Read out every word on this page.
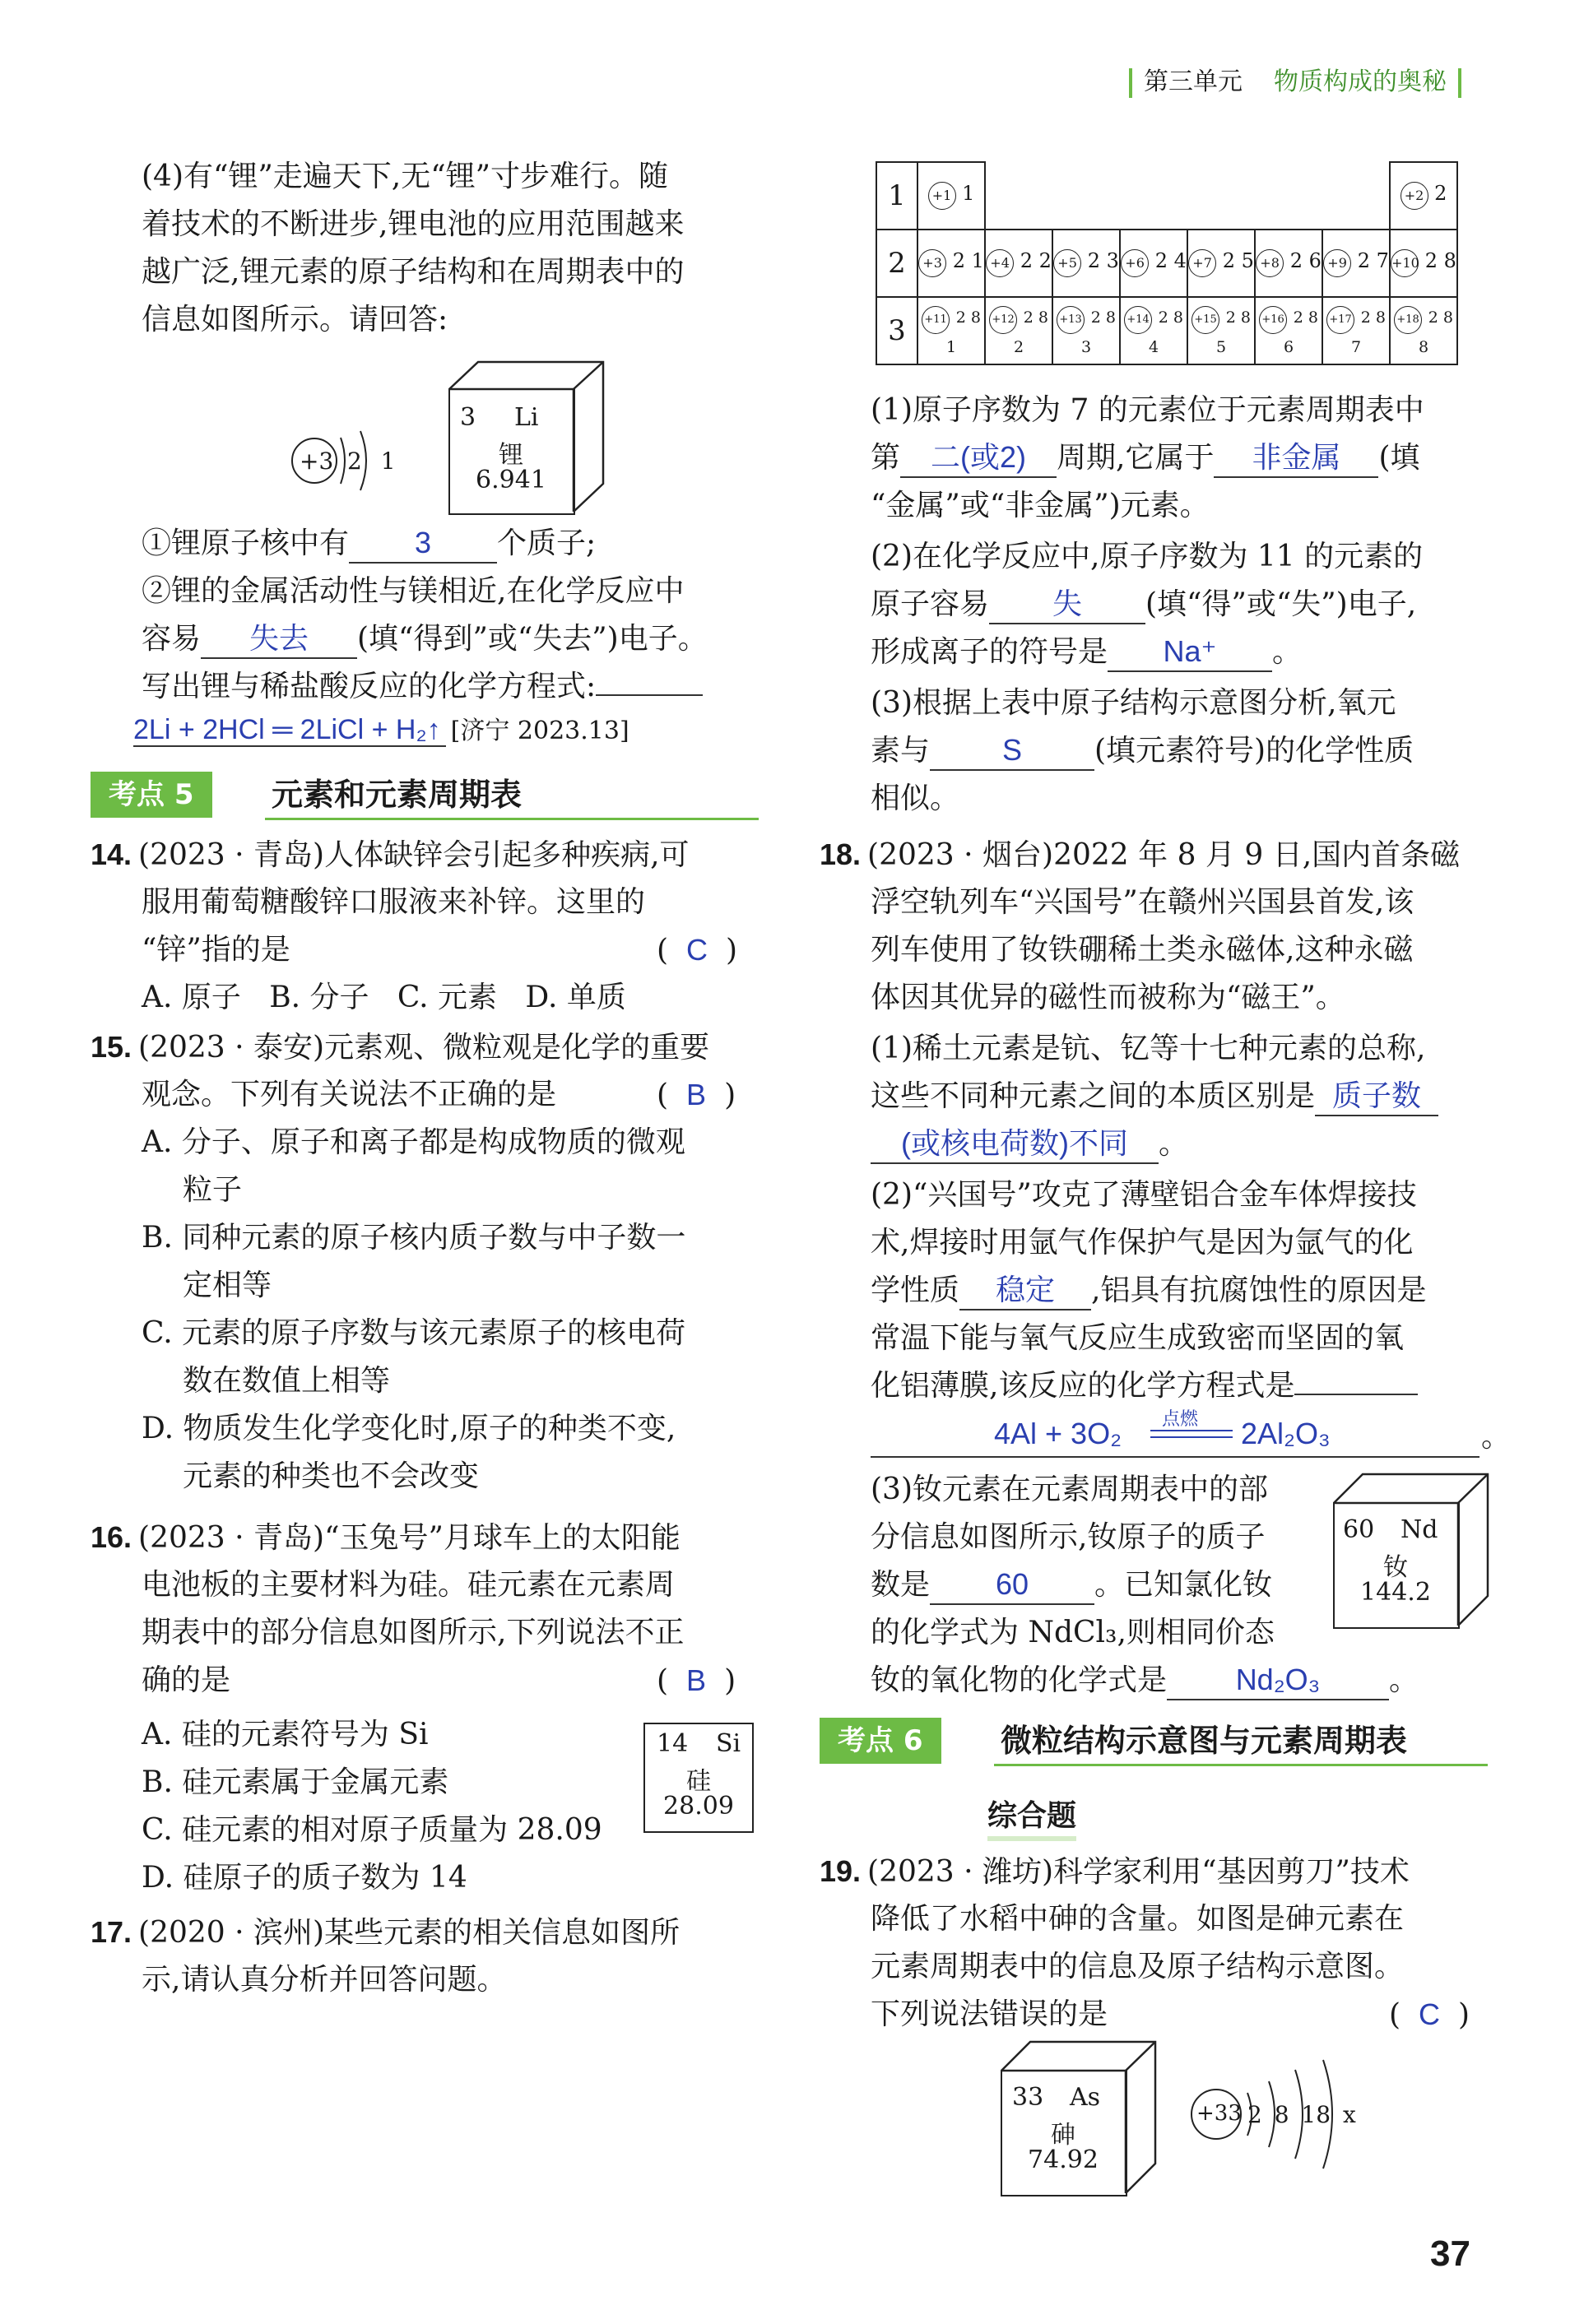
第三单元 物质构成的奥秘
(4)有“锂”走遍天下,无“锂”寸步难行。随
着技术的不断进步,锂电池的应用范围越来
越广泛,锂元素的原子结构和在周期表中的
信息如图所示。请回答:
+3 2 1
3 Li
锂
6.941
①锂原子核中有 3 个质子;
②锂的金属活动性与镁相近,在化学反应中
容易 失去 (填“得到”或“失去”)电子。
写出锂与稀盐酸反应的化学方程式:
2Li + 2HCl ═ 2LiCl + H₂↑ [济宁 2023.13]
考点 5	元素和元素周期表
14. (2023 · 青岛)人体缺锌会引起多种疾病,可
服用葡萄糖酸锌口服液来补锌。这里的
“锌”指的是	( C )
A. 原子   B. 分子   C. 元素   D. 单质
15. (2023 · 泰安)元素观、微粒观是化学的重要
观念。下列有关说法不正确的是	( B )
A. 分子、原子和离子都是构成物质的微观
粒子
B. 同种元素的原子核内质子数与中子数一
定相等
C. 元素的原子序数与该元素原子的核电荷
数在数值上相等
D. 物质发生化学变化时,原子的种类不变,
元素的种类也不会改变
16. (2023 · 青岛)“玉兔号”月球车上的太阳能
电池板的主要材料为硅。硅元素在元素周
期表中的部分信息如图所示,下列说法不正
确的是	( B )
A. 硅的元素符号为 Si
B. 硅元素属于金属元素
C. 硅元素的相对原子质量为 28.09
D. 硅原子的质子数为 14
14 Si
硅
28.09
17. (2020 · 滨州)某些元素的相关信息如图所
示,请认真分析并回答问题。
1	+1 1							+2 2
2	+3 2 1	+4 2 2	+5 2 3	+6 2 4	+7 2 5	+8 2 6	+9 2 7	+10 2 8
3	+11 2 8 1	+12 2 8 2	+13 2 8 3	+14 2 8 4	+15 2 8 5	+16 2 8 6	+17 2 8 7	+18 2 8 8
(1)原子序数为 7 的元素位于元素周期表中
第 二(或2) 周期,它属于 非金属 (填
“金属”或“非金属”)元素。
(2)在化学反应中,原子序数为 11 的元素的
原子容易 失 (填“得”或“失”)电子,
形成离子的符号是 Na⁺ 。
(3)根据上表中原子结构示意图分析,氧元
素与 S (填元素符号)的化学性质
相似。
18. (2023 · 烟台)2022 年 8 月 9 日,国内首条磁
浮空轨列车“兴国号”在赣州兴国县首发,该
列车使用了钕铁硼稀土类永磁体,这种永磁
体因其优异的磁性而被称为“磁王”。
(1)稀土元素是钪、钇等十七种元素的总称,
这些不同种元素之间的本质区别是 质子数
(或核电荷数)不同 。
(2)“兴国号”攻克了薄壁铝合金车体焊接技
术,焊接时用氩气作保护气是因为氩气的化
学性质 稳定 ,铝具有抗腐蚀性的原因是
常温下能与氧气反应生成致密而坚固的氧
化铝薄膜,该反应的化学方程式是
4Al + 3O₂ 点燃 2Al₂O₃	。
(3)钕元素在元素周期表中的部
分信息如图所示,钕原子的质子
数是 60 。已知氯化钕
的化学式为 NdCl₃,则相同价态
钕的氧化物的化学式是 Nd₂O₃ 。
60 Nd
钕
144.2
考点 6	微粒结构示意图与元素周期表
综合题
19. (2023 · 潍坊)科学家利用“基因剪刀”技术
降低了水稻中砷的含量。如图是砷元素在
元素周期表中的信息及原子结构示意图。
下列说法错误的是	( C )
33 As
砷
74.92
+33 2 8 18 x
37
